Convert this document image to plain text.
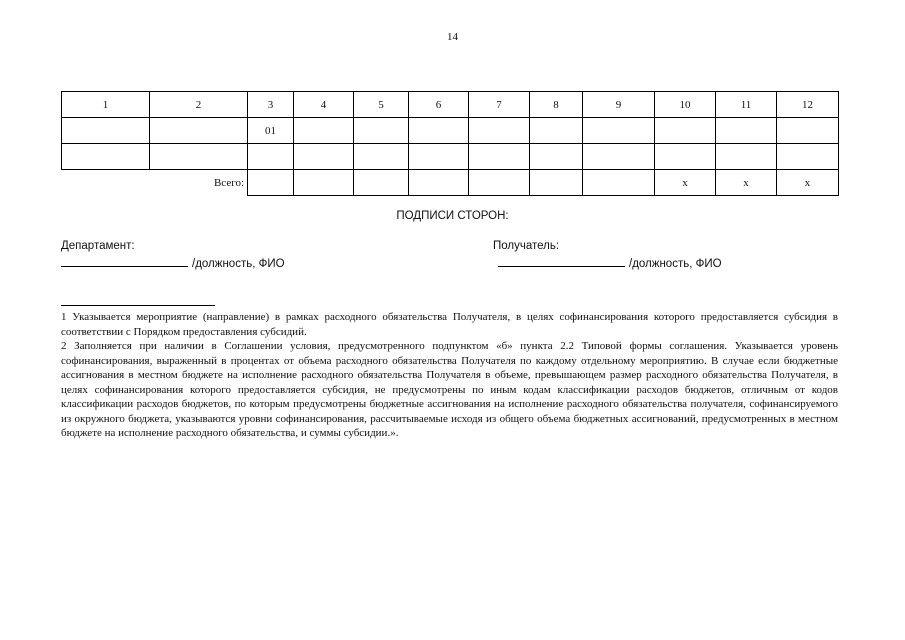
14
1	2	3	4	5	6	7	8	9	10	11	12
		01									

Всего:									x	x	x
ПОДПИСИ СТОРОН:
Департамент:
/должность, ФИО
Получатель:
/должность, ФИО

1 Указывается мероприятие (направление) в рамках расходного обязательства Получателя, в целях софинансирования которого предоставляется субсидия в соответствии с Порядком предоставления субсидий.

2 Заполняется при наличии в Соглашении условия, предусмотренного подпунктом «б» пункта 2.2 Типовой формы соглашения. Указывается уровень софинансирования, выраженный в процентах от объема расходного обязательства Получателя по каждому отдельному мероприятию. В случае если бюджетные ассигнования в местном бюджете на исполнение расходного обязательства Получателя в объеме, превышающем размер расходного обязательства Получателя, в целях софинансирования которого предоставляется субсидия, не предусмотрены по иным кодам классификации расходов бюджетов, отличным от кодов классификации расходов бюджетов, по которым предусмотрены бюджетные ассигнования на исполнение расходного обязательства получателя, софинансируемого из окружного бюджета, указываются уровни софинансирования, рассчитываемые исходя из общего объема бюджетных ассигнований, предусмотренных в местном бюджете на исполнение расходного обязательства, и суммы субсидии.».
